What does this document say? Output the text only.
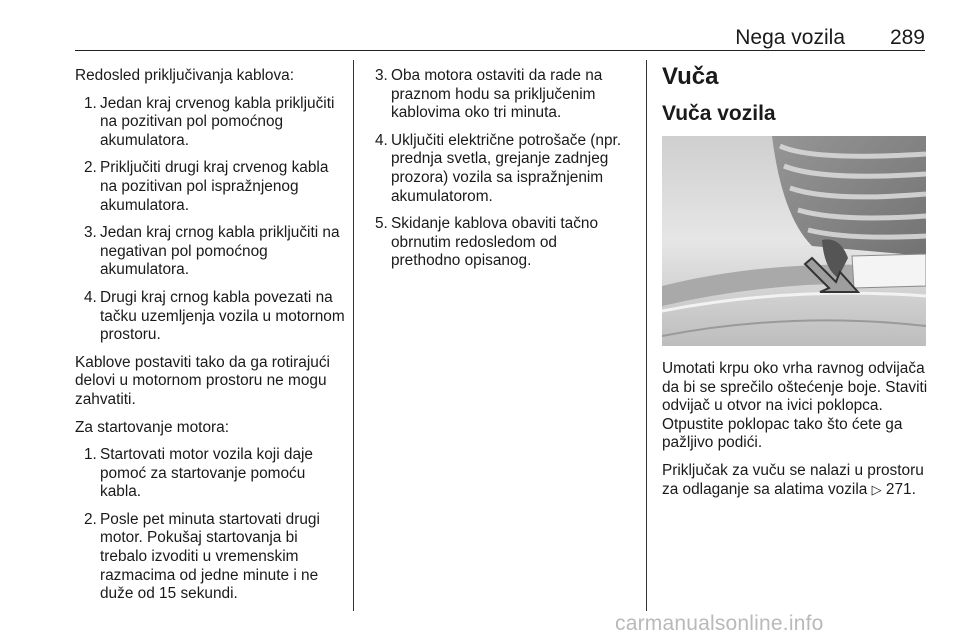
Nega vozila 289

Redosled priključivanja kablova:

1. Jedan kraj crvenog kabla priključiti na pozitivan pol pomoćnog akumulatora.
2. Priključiti drugi kraj crvenog kabla na pozitivan pol ispražnjenog akumulatora.
3. Jedan kraj crnog kabla priključiti na negativan pol pomoćnog akumulatora.
4. Drugi kraj crnog kabla povezati na tačku uzemljenja vozila u motornom prostoru.

Kablove postaviti tako da ga rotirajući delovi u motornom prostoru ne mogu zahvatiti.

Za startovanje motora:

1. Startovati motor vozila koji daje pomoć za startovanje pomoću kabla.
2. Posle pet minuta startovati drugi motor. Pokušaj startovanja bi trebalo izvoditi u vremenskim razmacima od jedne minute i ne duže od 15 sekundi.
3. Oba motora ostaviti da rade na praznom hodu sa priključenim kablovima oko tri minuta.
4. Uključiti električne potrošače (npr. prednja svetla, grejanje zadnjeg prozora) vozila sa ispražnjenim akumulatorom.
5. Skidanje kablova obaviti tačno obrnutim redosledom od prethodno opisanog.
Vuča
Vuča vozila

Umotati krpu oko vrha ravnog odvijača da bi se sprečilo oštećenje boje. Staviti odvijač u otvor na ivici poklopca. Otpustite poklopac tako što ćete ga pažljivo podići.

Priključak za vuču se nalazi u prostoru za odlaganje sa alatima vozila ▷ 271.

carmanualsonline.info
